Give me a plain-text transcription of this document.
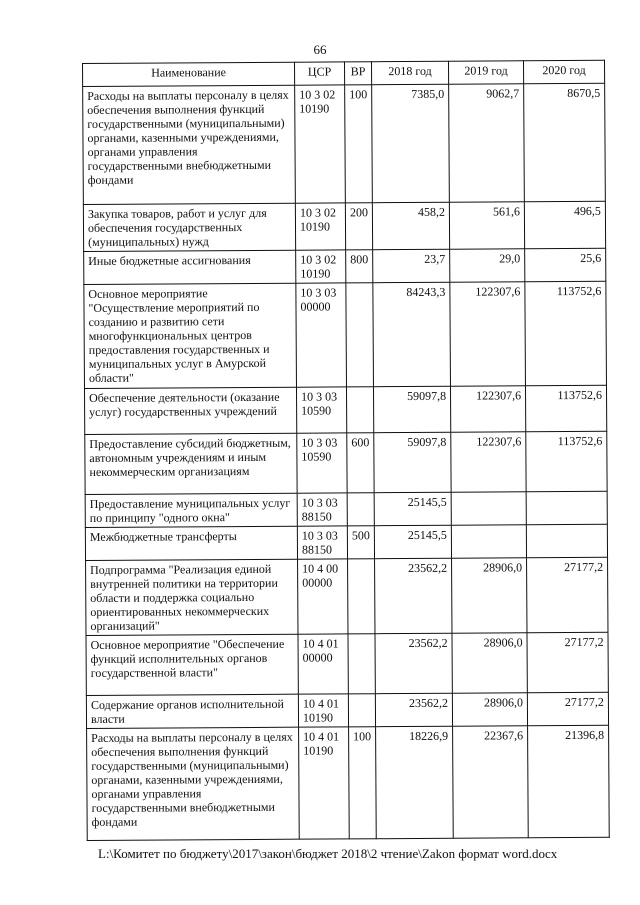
66
Наименование	ЦСР	ВР	2018 год	2019 год	2020 год
Расходы на выплаты персоналу в целях обеспечения выполнения функций государственными (муниципальными) органами, казенными учреждениями, органами управления государственными внебюджетными фондами	10 3 02 10190	100	7385,0	9062,7	8670,5
Закупка товаров, работ и услуг для обеспечения государственных (муниципальных) нужд	10 3 02 10190	200	458,2	561,6	496,5
Иные бюджетные ассигнования	10 3 02 10190	800	23,7	29,0	25,6
Основное мероприятие "Осуществление мероприятий по созданию и развитию сети многофункциональных центров предоставления государственных и муниципальных услуг в Амурской области"	10 3 03 00000		84243,3	122307,6	113752,6
Обеспечение деятельности (оказание услуг) государственных учреждений	10 3 03 10590		59097,8	122307,6	113752,6
Предоставление субсидий бюджетным, автономным учреждениям и иным некоммерческим организациям	10 3 03 10590	600	59097,8	122307,6	113752,6
Предоставление муниципальных услуг по принципу "одного окна"	10 3 03 88150		25145,5		
Межбюджетные трансферты	10 3 03 88150	500	25145,5		
Подпрограмма "Реализация единой внутренней политики на территории области и поддержка социально ориентированных некоммерческих организаций"	10 4 00 00000		23562,2	28906,0	27177,2
Основное мероприятие "Обеспечение функций исполнительных органов государственной власти"	10 4 01 00000		23562,2	28906,0	27177,2
Содержание органов исполнительной власти	10 4 01 10190		23562,2	28906,0	27177,2
Расходы на выплаты персоналу в целях обеспечения выполнения функций государственными (муниципальными) органами, казенными учреждениями, органами управления государственными внебюджетными фондами	10 4 01 10190	100	18226,9	22367,6	21396,8
L:\Комитет по бюджету\2017\закон\бюджет 2018\2 чтение\Zakon формат word.docx
